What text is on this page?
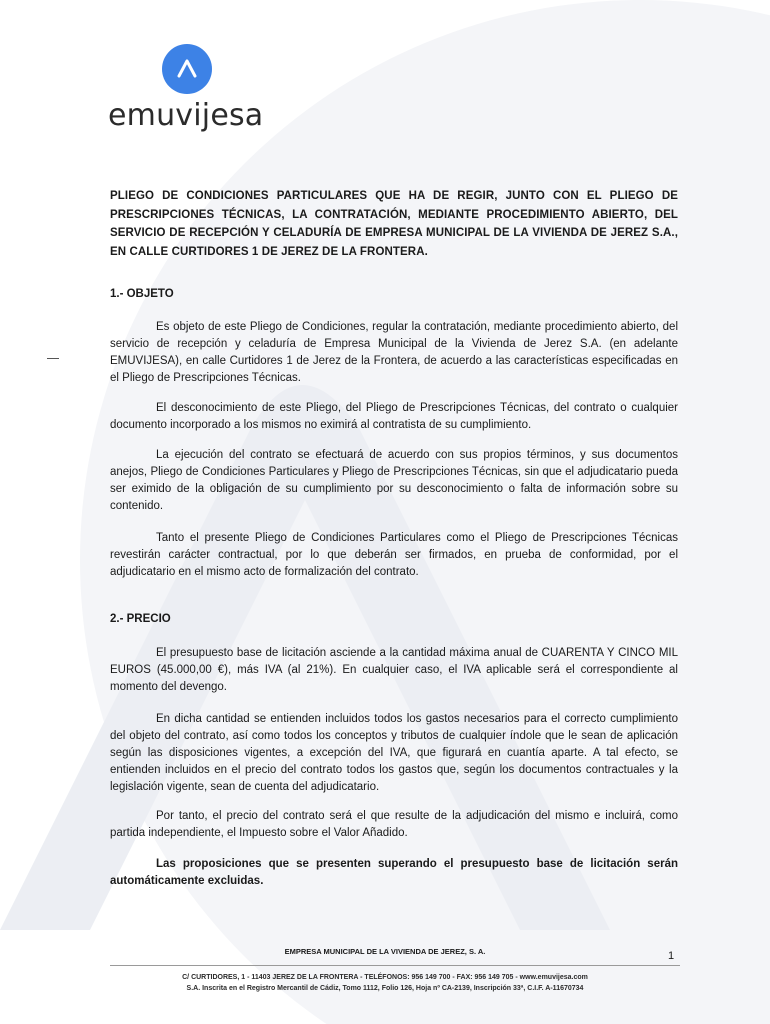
emuvijesa
PLIEGO DE CONDICIONES PARTICULARES QUE HA DE REGIR, JUNTO CON EL PLIEGO DE PRESCRIPCIONES TÉCNICAS, LA CONTRATACIÓN, MEDIANTE PROCEDIMIENTO ABIERTO, DEL SERVICIO DE RECEPCIÓN Y CELADURÍA DE EMPRESA MUNICIPAL DE LA VIVIENDA DE JEREZ S.A., EN CALLE CURTIDORES 1 DE JEREZ DE LA FRONTERA.
1.- OBJETO

Es objeto de este Pliego de Condiciones, regular la contratación, mediante procedimiento abierto, del servicio de recepción y celaduría de Empresa Municipal de la Vivienda de Jerez S.A. (en adelante EMUVIJESA), en calle Curtidores 1 de Jerez de la Frontera, de acuerdo a las características especificadas en el Pliego de Prescripciones Técnicas.

El desconocimiento de este Pliego, del Pliego de Prescripciones Técnicas, del contrato o cualquier documento incorporado a los mismos no eximirá al contratista de su cumplimiento.

La ejecución del contrato se efectuará de acuerdo con sus propios términos, y sus documentos anejos, Pliego de Condiciones Particulares y Pliego de Prescripciones Técnicas, sin que el adjudicatario pueda ser eximido de la obligación de su cumplimiento por su desconocimiento o falta de información sobre su contenido.

Tanto el presente Pliego de Condiciones Particulares como el Pliego de Prescripciones Técnicas revestirán carácter contractual, por lo que deberán ser firmados, en prueba de conformidad, por el adjudicatario en el mismo acto de formalización del contrato.

2.- PRECIO

El presupuesto base de licitación asciende a la cantidad máxima anual de CUARENTA Y CINCO MIL EUROS (45.000,00 €), más IVA (al 21%). En cualquier caso, el IVA aplicable será el correspondiente al momento del devengo.

En dicha cantidad se entienden incluidos todos los gastos necesarios para el correcto cumplimiento del objeto del contrato, así como todos los conceptos y tributos de cualquier índole que le sean de aplicación según las disposiciones vigentes, a excepción del IVA, que figurará en cuantía aparte. A tal efecto, se entienden incluidos en el precio del contrato todos los gastos que, según los documentos contractuales y la legislación vigente, sean de cuenta del adjudicatario.

Por tanto, el precio del contrato será el que resulte de la adjudicación del mismo e incluirá, como partida independiente, el Impuesto sobre el Valor Añadido.

Las proposiciones que se presenten superando el presupuesto base de licitación serán automáticamente excluidas.

EMPRESA MUNICIPAL DE LA VIVIENDA DE JEREZ, S. A.	1
C/ CURTIDORES, 1 - 11403 JEREZ DE LA FRONTERA - TELÉFONOS: 956 149 700 - FAX: 956 149 705 - www.emuvijesa.com
S.A. Inscrita en el Registro Mercantil de Cádiz, Tomo 1112, Folio 126, Hoja nº CA-2139, Inscripción 33ª, C.I.F. A-11670734
